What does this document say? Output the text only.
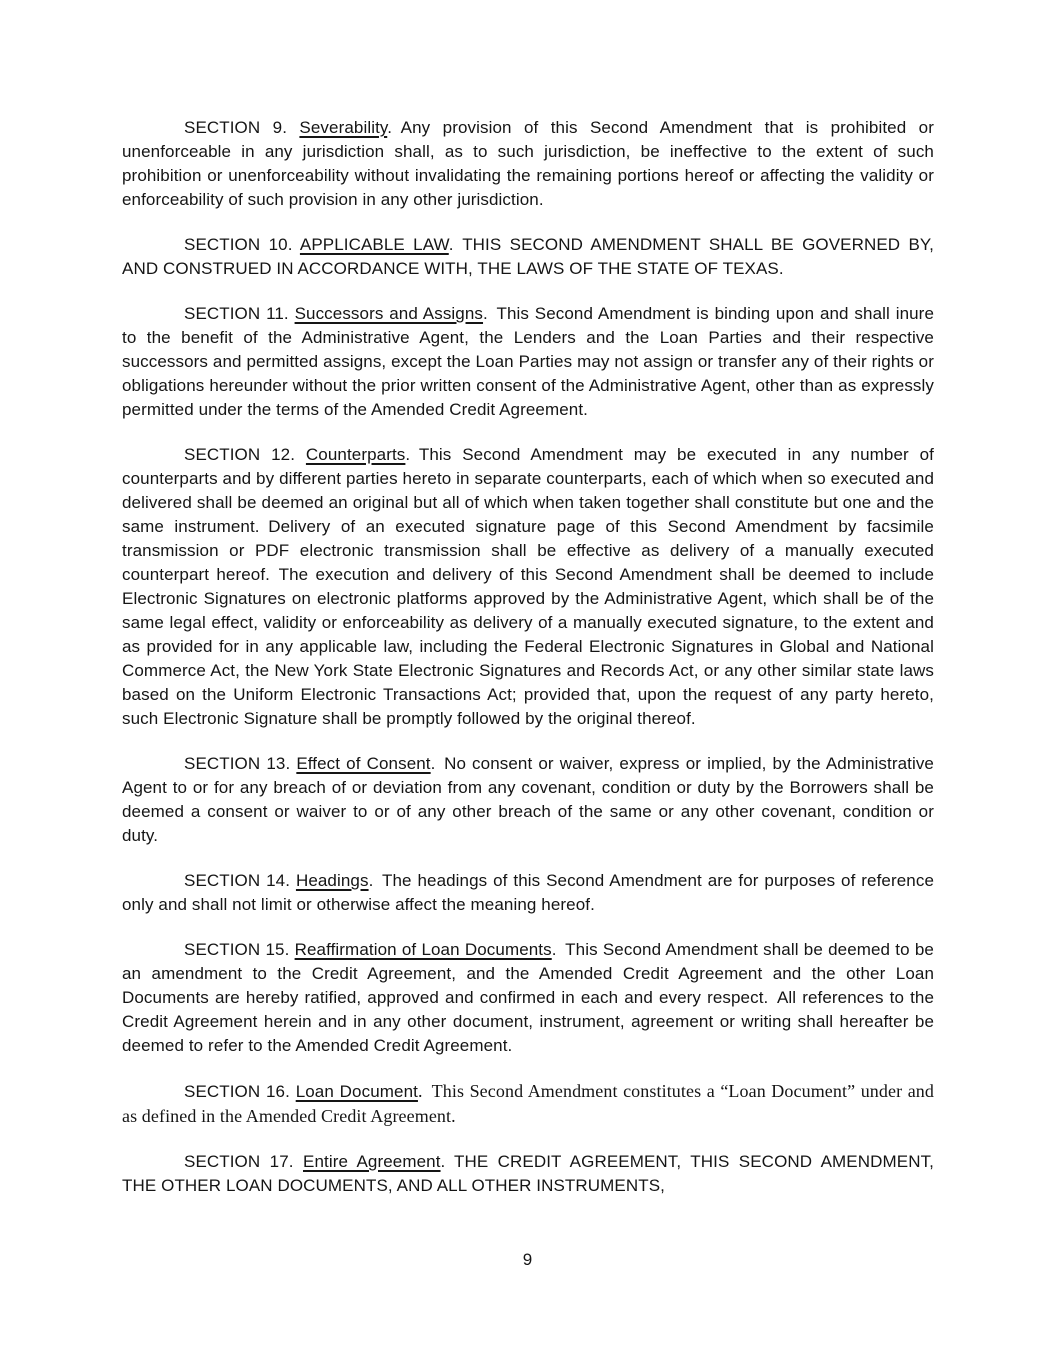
SECTION 9. Severability. Any provision of this Second Amendment that is prohibited or unenforceable in any jurisdiction shall, as to such jurisdiction, be ineffective to the extent of such prohibition or unenforceability without invalidating the remaining portions hereof or affecting the validity or enforceability of such provision in any other jurisdiction.

SECTION 10. APPLICABLE LAW. THIS SECOND AMENDMENT SHALL BE GOVERNED BY, AND CONSTRUED IN ACCORDANCE WITH, THE LAWS OF THE STATE OF TEXAS.

SECTION 11. Successors and Assigns. This Second Amendment is binding upon and shall inure to the benefit of the Administrative Agent, the Lenders and the Loan Parties and their respective successors and permitted assigns, except the Loan Parties may not assign or transfer any of their rights or obligations hereunder without the prior written consent of the Administrative Agent, other than as expressly permitted under the terms of the Amended Credit Agreement.

SECTION 12. Counterparts. This Second Amendment may be executed in any number of counterparts and by different parties hereto in separate counterparts, each of which when so executed and delivered shall be deemed an original but all of which when taken together shall constitute but one and the same instrument. Delivery of an executed signature page of this Second Amendment by facsimile transmission or PDF electronic transmission shall be effective as delivery of a manually executed counterpart hereof. The execution and delivery of this Second Amendment shall be deemed to include Electronic Signatures on electronic platforms approved by the Administrative Agent, which shall be of the same legal effect, validity or enforceability as delivery of a manually executed signature, to the extent and as provided for in any applicable law, including the Federal Electronic Signatures in Global and National Commerce Act, the New York State Electronic Signatures and Records Act, or any other similar state laws based on the Uniform Electronic Transactions Act; provided that, upon the request of any party hereto, such Electronic Signature shall be promptly followed by the original thereof.

SECTION 13. Effect of Consent. No consent or waiver, express or implied, by the Administrative Agent to or for any breach of or deviation from any covenant, condition or duty by the Borrowers shall be deemed a consent or waiver to or of any other breach of the same or any other covenant, condition or duty.

SECTION 14. Headings. The headings of this Second Amendment are for purposes of reference only and shall not limit or otherwise affect the meaning hereof.

SECTION 15. Reaffirmation of Loan Documents. This Second Amendment shall be deemed to be an amendment to the Credit Agreement, and the Amended Credit Agreement and the other Loan Documents are hereby ratified, approved and confirmed in each and every respect. All references to the Credit Agreement herein and in any other document, instrument, agreement or writing shall hereafter be deemed to refer to the Amended Credit Agreement.

SECTION 16. Loan Document. This Second Amendment constitutes a “Loan Document” under and as defined in the Amended Credit Agreement.

SECTION 17. Entire Agreement. THE CREDIT AGREEMENT, THIS SECOND AMENDMENT, THE OTHER LOAN DOCUMENTS, AND ALL OTHER INSTRUMENTS,

9
